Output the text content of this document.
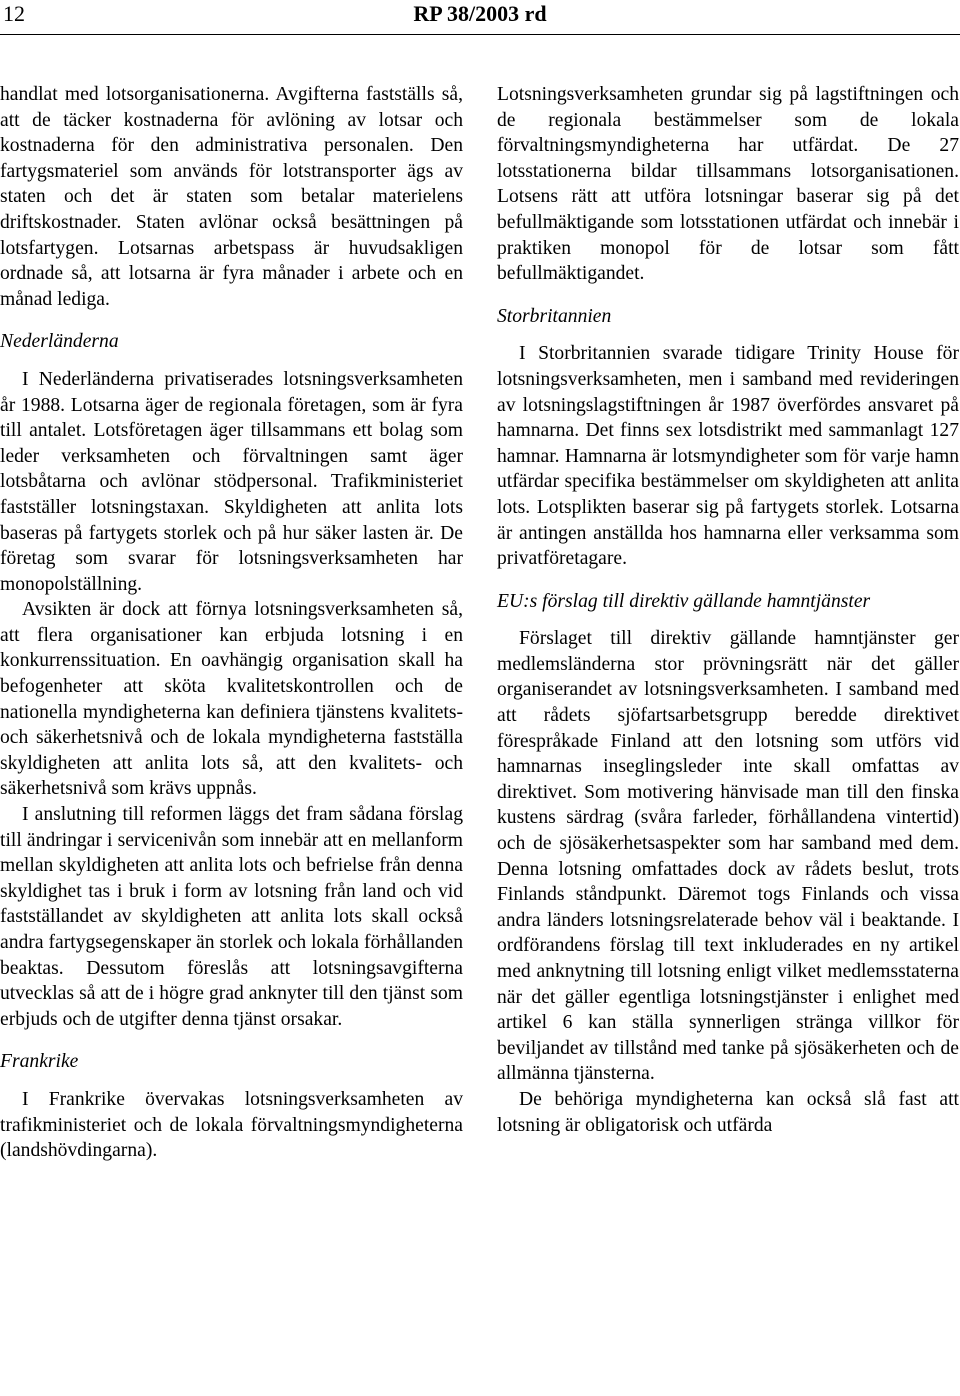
12	RP 38/2003 rd

handlat med lotsorganisationerna. Avgifterna fastställs så, att de täcker kostnaderna för avlöning av lotsar och kostnaderna för den administrativa personalen. Den fartygsmateriel som används för lotstransporter ägs av staten och det är staten som betalar materielens driftskostnader. Staten avlönar också besättningen på lotsfartygen. Lotsarnas arbetspass är huvudsakligen ordnade så, att lotsarna är fyra månader i arbete och en månad lediga.

Nederländerna

I Nederländerna privatiserades lotsningsverksamheten år 1988. Lotsarna äger de regionala företagen, som är fyra till antalet. Lotsföretagen äger tillsammans ett bolag som leder verksamheten och förvaltningen samt äger lotsbåtarna och avlönar stödpersonal. Trafikministeriet fastställer lotsningstaxan. Skyldigheten att anlita lots baseras på fartygets storlek och på hur säker lasten är. De företag som svarar för lotsningsverksamheten har monopolställning.

Avsikten är dock att förnya lotsningsverksamheten så, att flera organisationer kan erbjuda lotsning i en konkurrenssituation. En oavhängig organisation skall ha befogenheter att sköta kvalitetskontrollen och de nationella myndigheterna kan definiera tjänstens kvalitets- och säkerhetsnivå och de lokala myndigheterna fastställa skyldigheten att anlita lots så, att den kvalitets- och säkerhetsnivå som krävs uppnås.

I anslutning till reformen läggs det fram sådana förslag till ändringar i servicenivån som innebär att en mellanform mellan skyldigheten att anlita lots och befrielse från denna skyldighet tas i bruk i form av lotsning från land och vid fastställandet av skyldigheten att anlita lots skall också andra fartygsegenskaper än storlek och lokala förhållanden beaktas. Dessutom föreslås att lotsningsavgifterna utvecklas så att de i högre grad anknyter till den tjänst som erbjuds och de utgifter denna tjänst orsakar.

Frankrike

I Frankrike övervakas lotsningsverksamheten av trafikministeriet och de lokala förvaltningsmyndigheterna (landshövdingarna).

Lotsningsverksamheten grundar sig på lagstiftningen och de regionala bestämmelser som de lokala förvaltningsmyndigheterna har utfärdat. De 27 lotsstationerna bildar tillsammans lotsorganisationen. Lotsens rätt att utföra lotsningar baserar sig på det befullmäktigande som lotsstationen utfärdat och innebär i praktiken monopol för de lotsar som fått befullmäktigandet.

Storbritannien

I Storbritannien svarade tidigare Trinity House för lotsningsverksamheten, men i samband med revideringen av lotsningslagstiftningen år 1987 överfördes ansvaret på hamnarna. Det finns sex lotsdistrikt med sammanlagt 127 hamnar. Hamnarna är lotsmyndigheter som för varje hamn utfärdar specifika bestämmelser om skyldigheten att anlita lots. Lotsplikten baserar sig på fartygets storlek. Lotsarna är antingen anställda hos hamnarna eller verksamma som privatföretagare.

EU:s förslag till direktiv gällande hamntjänster

Förslaget till direktiv gällande hamntjänster ger medlemsländerna stor prövningsrätt när det gäller organiserandet av lotsningsverksamheten. I samband med att rådets sjöfartsarbetsgrupp beredde direktivet förespråkade Finland att den lotsning som utförs vid hamnarnas inseglingsleder inte skall omfattas av direktivet. Som motivering hänvisade man till den finska kustens särdrag (svåra farleder, förhållandena vintertid) och de sjösäkerhetsaspekter som har samband med dem. Denna lotsning omfattades dock av rådets beslut, trots Finlands ståndpunkt. Däremot togs Finlands och vissa andra länders lotsningsrelaterade behov väl i beaktande. I ordförandens förslag till text inkluderades en ny artikel med anknytning till lotsning enligt vilket medlemsstaterna när det gäller egentliga lotsningstjänster i enlighet med artikel 6 kan ställa synnerligen stränga villkor för beviljandet av tillstånd med tanke på sjösäkerheten och de allmänna tjänsterna.

De behöriga myndigheterna kan också slå fast att lotsning är obligatorisk och utfärda
